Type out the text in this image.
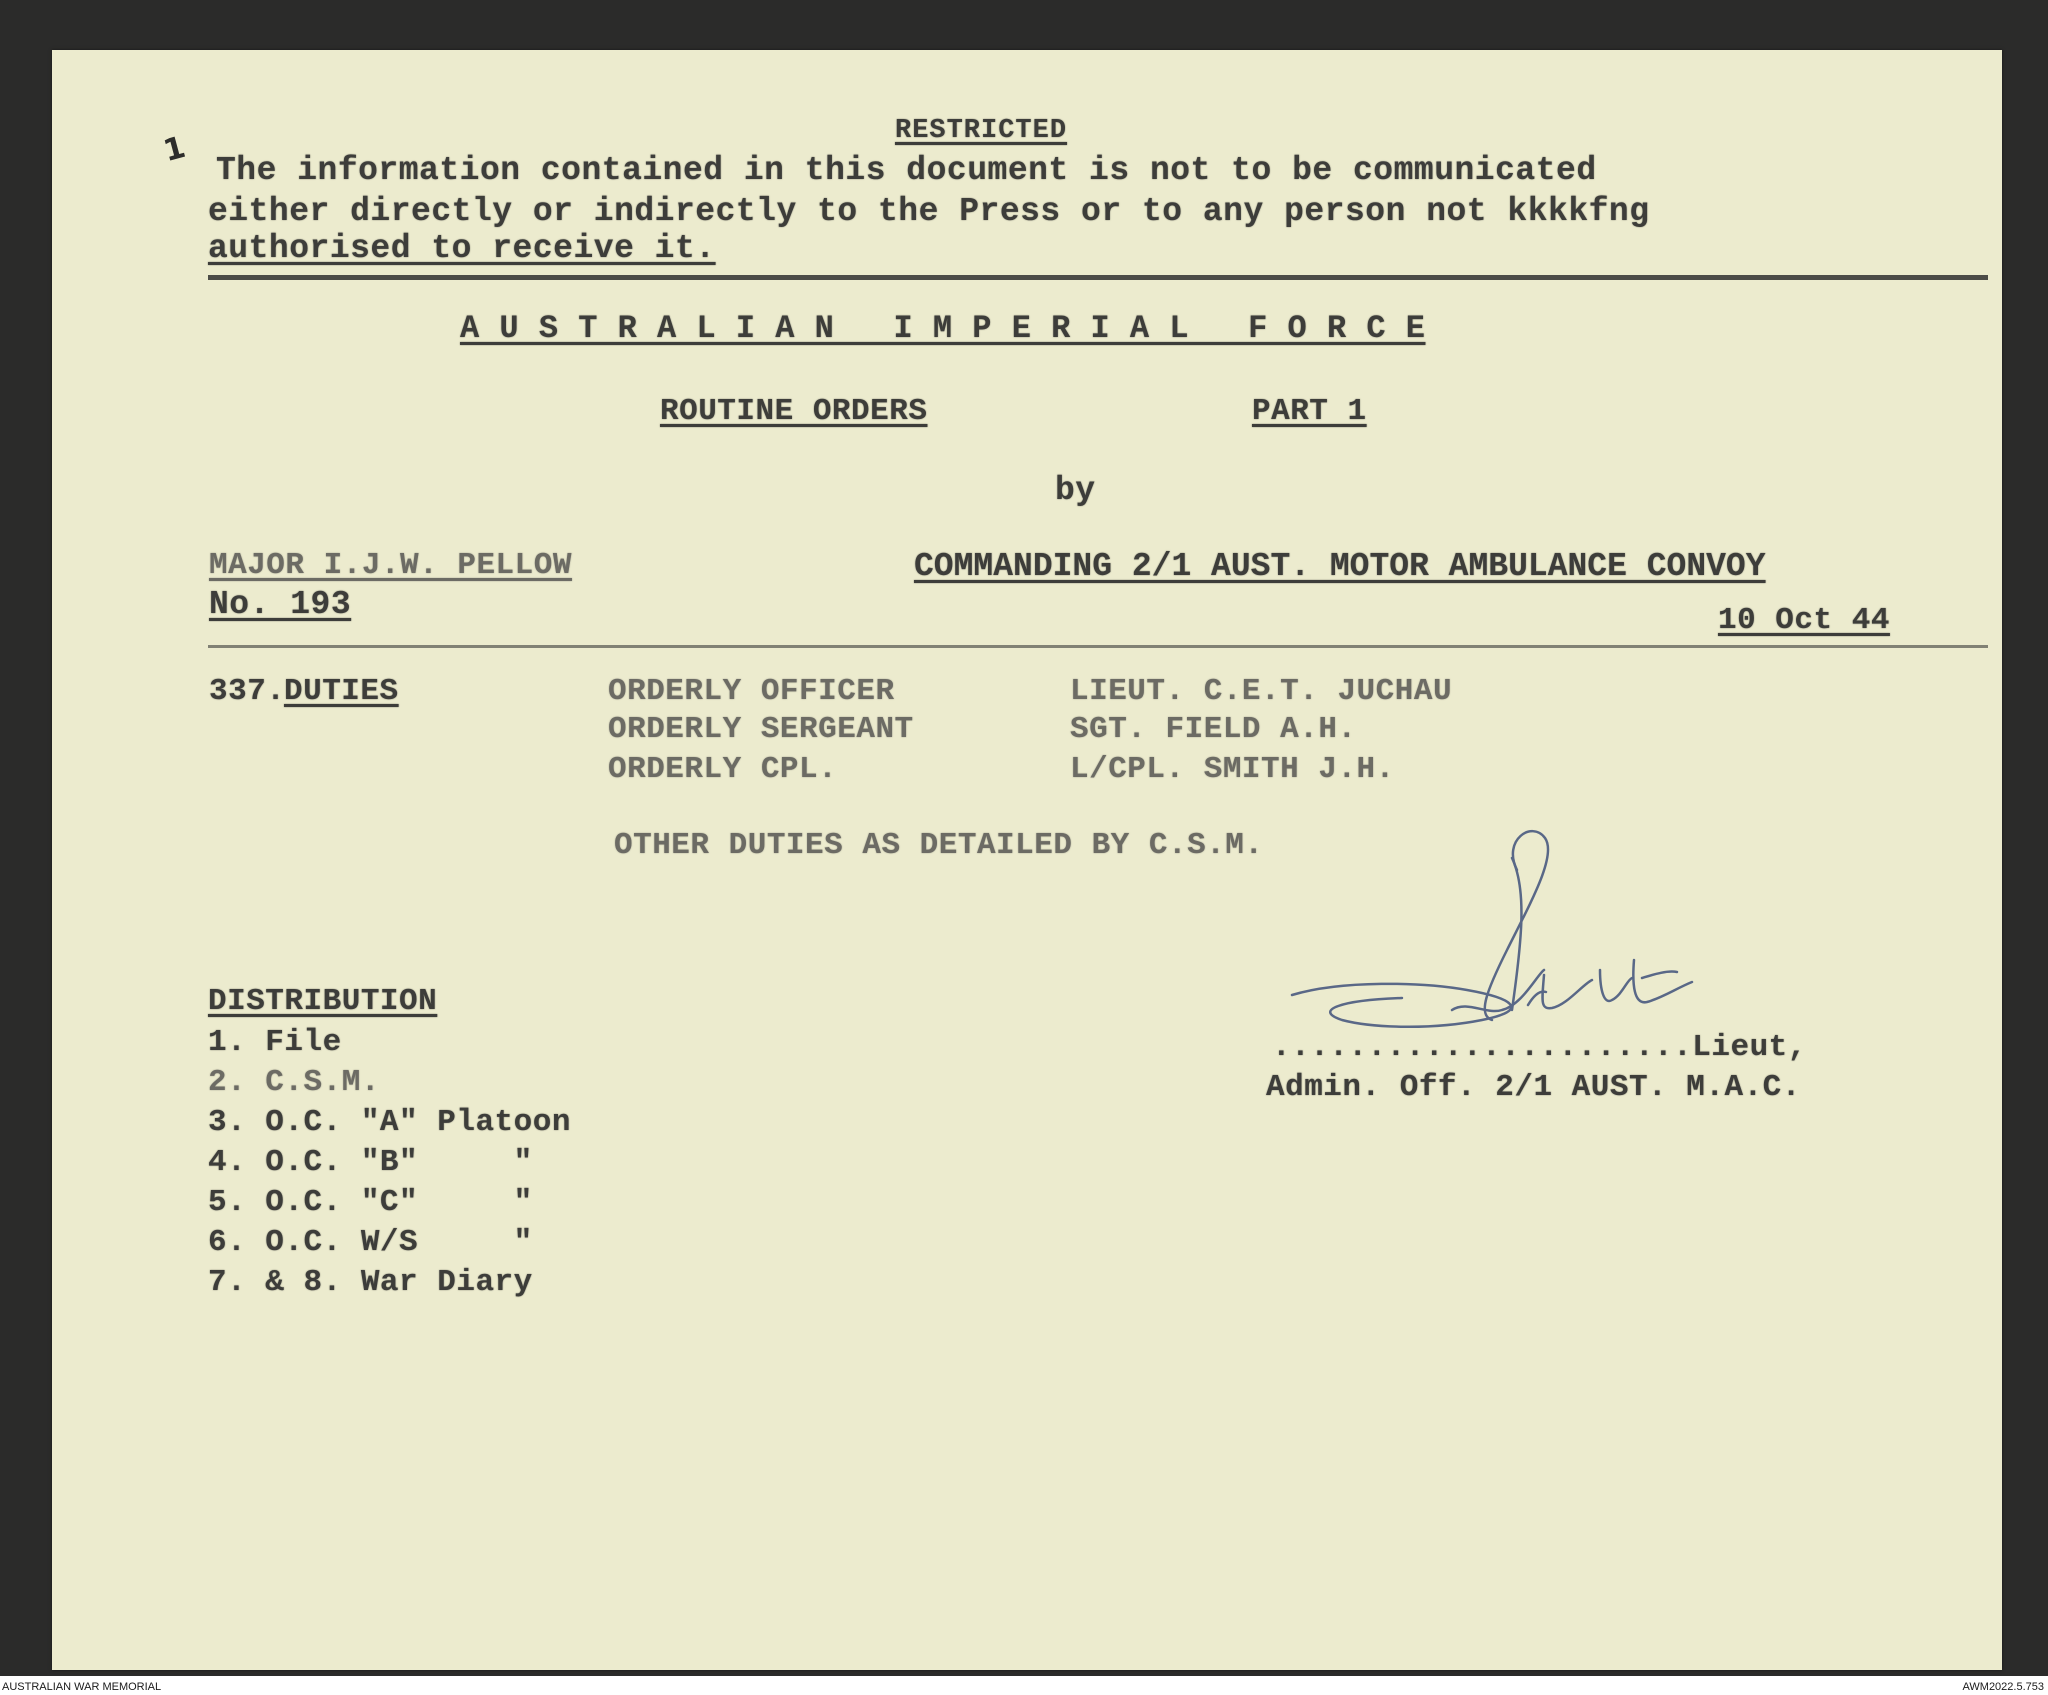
RESTRICTED
1
The information contained in this document is not to be communicated
either directly or indirectly to the Press or to any person not kkkkfng
authorised to receive it.
A U S T R A L I A N   I M P E R I A L   F O R C E
ROUTINE ORDERS	PART 1
by
MAJOR I.J.W. PELLOW	COMMANDING 2/1 AUST. MOTOR AMBULANCE CONVOY
No. 193	10 Oct 44
337.
DUTIES	ORDERLY OFFICER	LIEUT. C.E.T. JUCHAU
ORDERLY SERGEANT	SGT. FIELD A.H.
ORDERLY CPL.	L/CPL. SMITH J.H.
OTHER DUTIES AS DETAILED BY C.S.M.
......................Lieut,
Admin. Off. 2/1 AUST. M.A.C.
DISTRIBUTION
1. File
2. C.S.M.
3. O.C. "A" Platoon
4. O.C. "B"     "
5. O.C. "C"     "
6. O.C. W/S     "
7. & 8. War Diary
AUSTRALIAN WAR MEMORIAL	AWM2022.5.753
